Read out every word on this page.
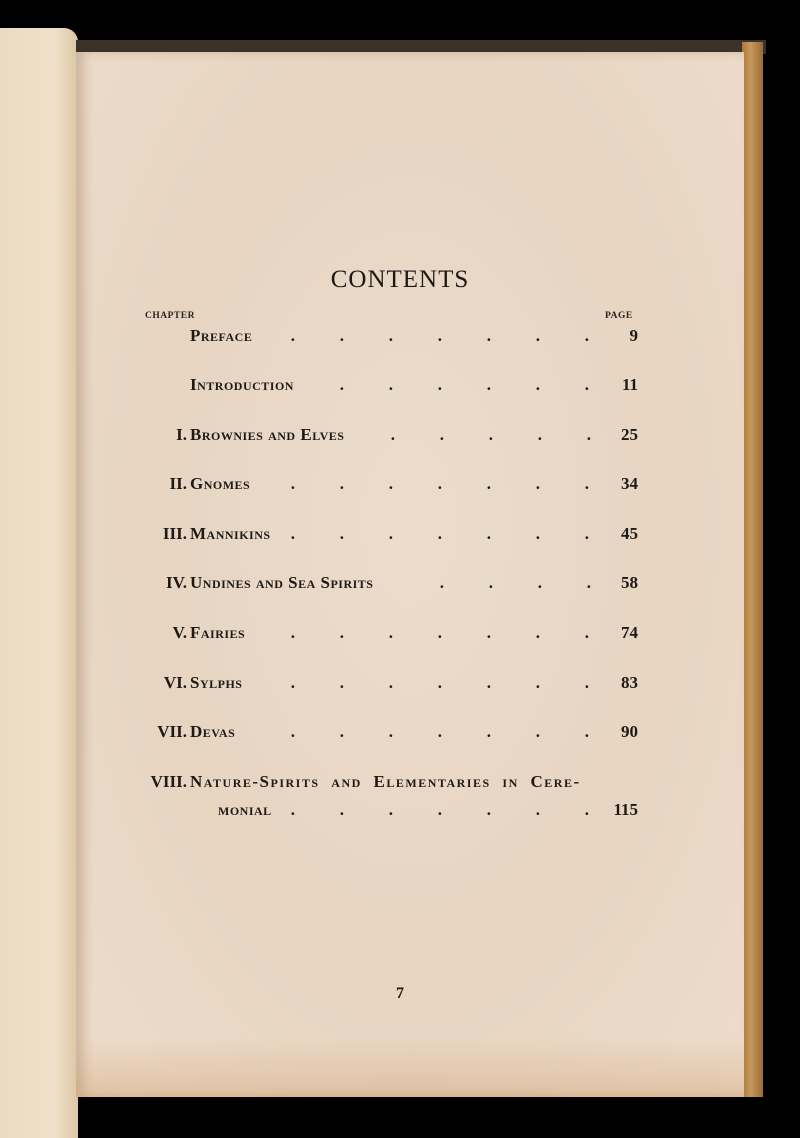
CONTENTS
CHAPTER	PAGE
Preface	.	.	.	.	.	.	. 9
Introduction	.	.	.	.	.	. 11
I. Brownies and Elves	.	.	.	.	. 25
II. Gnomes	.	.	.	.	.	.	. 34
III. Mannikins	.	.	.	.	.	.	. 45
IV. Undines and Sea Spirits	.	.	.	. 58
V. Fairies	.	.	.	.	.	.	. 74
VI. Sylphs	.	.	.	.	.	.	. 83
VII. Devas	.	.	.	.	.	.	. 90
VIII. Nature-Spirits and Elementaries in Cere-
monial	.	.	.	.	.	.	. 115
7
